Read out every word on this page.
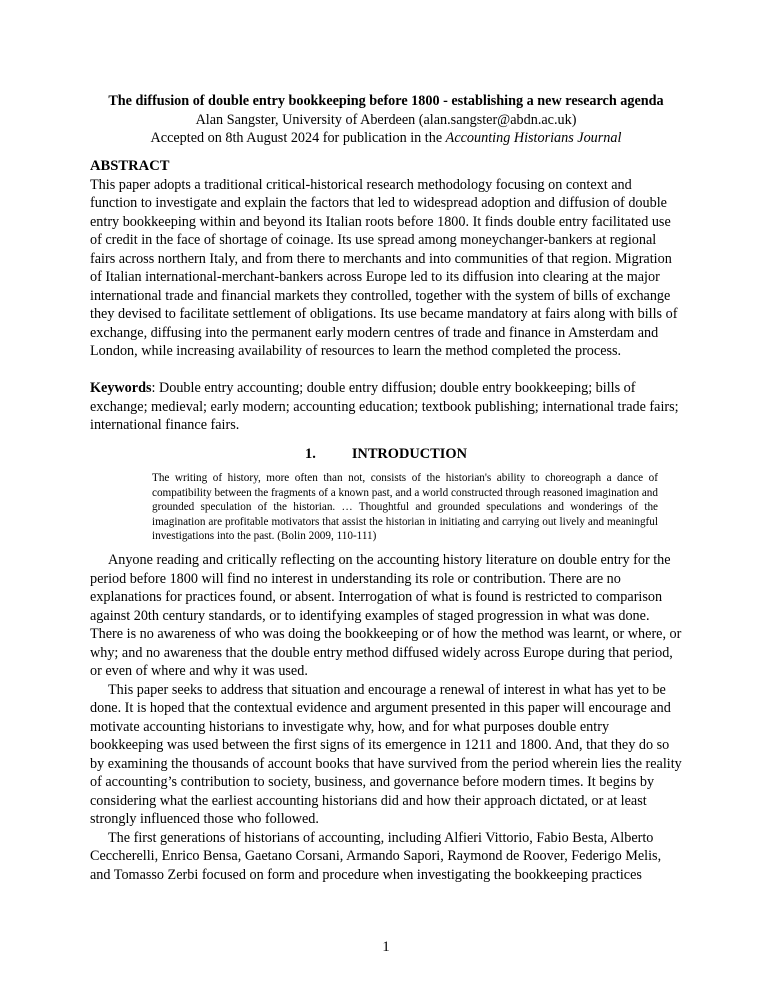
The diffusion of double entry bookkeeping before 1800 - establishing a new research agenda
Alan Sangster, University of Aberdeen (alan.sangster@abdn.ac.uk)
Accepted on 8th August 2024 for publication in the Accounting Historians Journal
ABSTRACT
This paper adopts a traditional critical-historical research methodology focusing on context and function to investigate and explain the factors that led to widespread adoption and diffusion of double entry bookkeeping within and beyond its Italian roots before 1800. It finds double entry facilitated use of credit in the face of shortage of coinage. Its use spread among moneychanger-bankers at regional fairs across northern Italy, and from there to merchants and into communities of that region. Migration of Italian international-merchant-bankers across Europe led to its diffusion into clearing at the major international trade and financial markets they controlled, together with the system of bills of exchange they devised to facilitate settlement of obligations. Its use became mandatory at fairs along with bills of exchange, diffusing into the permanent early modern centres of trade and finance in Amsterdam and London, while increasing availability of resources to learn the method completed the process.
Keywords: Double entry accounting; double entry diffusion; double entry bookkeeping; bills of exchange; medieval; early modern; accounting education; textbook publishing; international trade fairs; international finance fairs.
1.	INTRODUCTION
The writing of history, more often than not, consists of the historian's ability to choreograph a dance of compatibility between the fragments of a known past, and a world constructed through reasoned imagination and grounded speculation of the historian. … Thoughtful and grounded speculations and wonderings of the imagination are profitable motivators that assist the historian in initiating and carrying out lively and meaningful investigations into the past. (Bolin 2009, 110-111)

Anyone reading and critically reflecting on the accounting history literature on double entry for the period before 1800 will find no interest in understanding its role or contribution. There are no explanations for practices found, or absent. Interrogation of what is found is restricted to comparison against 20th century standards, or to identifying examples of staged progression in what was done. There is no awareness of who was doing the bookkeeping or of how the method was learnt, or where, or why; and no awareness that the double entry method diffused widely across Europe during that period, or even of where and why it was used.

This paper seeks to address that situation and encourage a renewal of interest in what has yet to be done. It is hoped that the contextual evidence and argument presented in this paper will encourage and motivate accounting historians to investigate why, how, and for what purposes double entry bookkeeping was used between the first signs of its emergence in 1211 and 1800. And, that they do so by examining the thousands of account books that have survived from the period wherein lies the reality of accounting’s contribution to society, business, and governance before modern times. It begins by considering what the earliest accounting historians did and how their approach dictated, or at least strongly influenced those who followed.

The first generations of historians of accounting, including Alfieri Vittorio, Fabio Besta, Alberto Ceccherelli, Enrico Bensa, Gaetano Corsani, Armando Sapori, Raymond de Roover, Federigo Melis, and Tomasso Zerbi focused on form and procedure when investigating the bookkeeping practices

1
